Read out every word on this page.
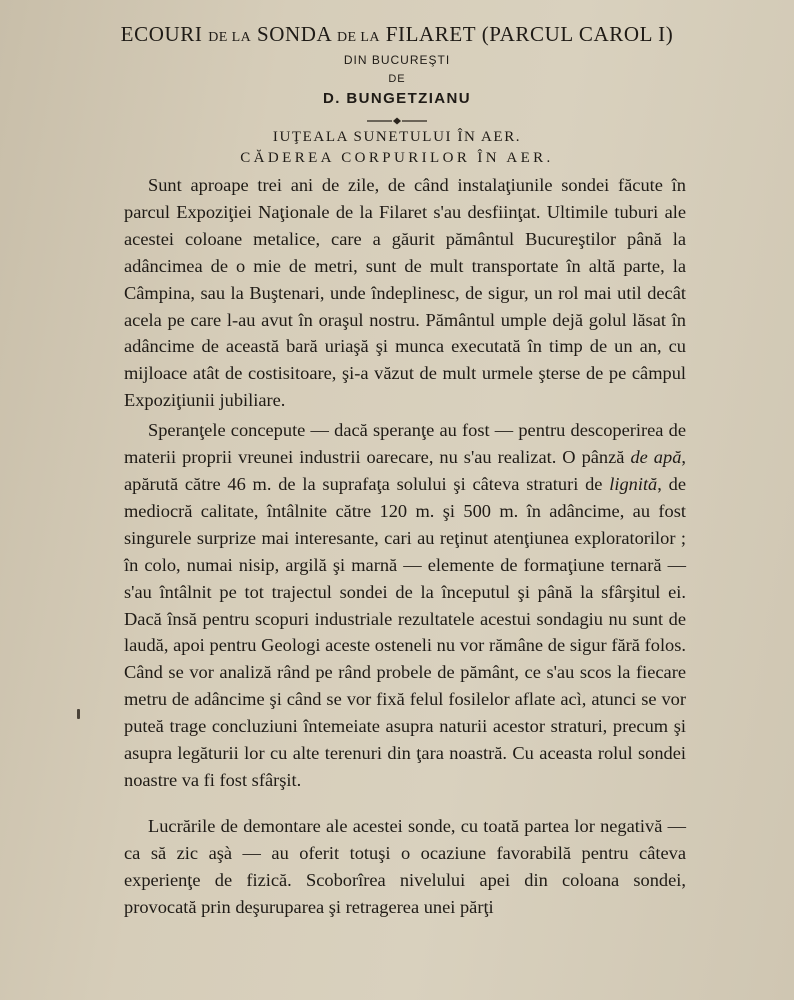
ECOURI DE LA SONDA DE LA FILARET (PARCUL CAROL I)
DIN BUCUREŞTI
DE
D. BUNGETZIANU
IUŢEALA SUNETULUI ÎN AER.
CĂDEREA CORPURILOR ÎN AER.

Sunt aproape trei ani de zile, de când instalaţiunile sondei făcute în parcul Expoziţiei Naţionale de la Filaret s'au desfiinţat. Ultimile tuburi ale acestei coloane metalice, care a găurit pământul Bucureştilor până la adâncimea de o mie de metri, sunt de mult transportate în altă parte, la Câmpina, sau la Buştenari, unde îndeplinesc, de sigur, un rol mai util decât acela pe care l-au avut în oraşul nostru. Pământul umple dejă golul lăsat în adâncime de această bară uriaşă şi munca executată în timp de un an, cu mijloace atât de costisitoare, şi-a văzut de mult urmele şterse de pe câmpul Expoziţiunii jubiliare.

Speranţele concepute — dacă speranţe au fost — pentru descoperirea de materii proprii vreunei industrii oarecare, nu s'au realizat. O pânză de apă, apărută către 46 m. de la suprafaţa solului şi câteva straturi de lignită, de mediocră calitate, întâlnite către 120 m. şi 500 m. în adâncime, au fost singurele surprize mai interesante, cari au reţinut atenţiunea exploratorilor ; în colo, numai nisip, argilă şi marnă — elemente de formaţiune ternară — s'au întâlnit pe tot trajectul sondei de la începutul şi până la sfârşitul ei. Dacă însă pentru scopuri industriale rezultatele acestui sondagiu nu sunt de laudă, apoi pentru Geologi aceste osteneli nu vor rămâne de sigur fără folos. Când se vor analiză rând pe rând probele de pământ, ce s'au scos la fiecare metru de adâncime şi când se vor fixă felul fosilelor aflate acì, atunci se vor puteă trage concluziuni întemeiate asupra naturii acestor straturi, precum şi asupra legăturii lor cu alte terenuri din ţara noastră. Cu aceasta rolul sondei noastre va fi fost sfârşit.

Lucrările de demontare ale acestei sonde, cu toată partea lor negativă — ca să zic aşà — au oferit totuşi o ocaziune favorabilă pentru câteva experienţe de fizică. Scoborîrea nivelului apei din coloana sondei, provocată prin deşuruparea şi retragerea unei părţi
